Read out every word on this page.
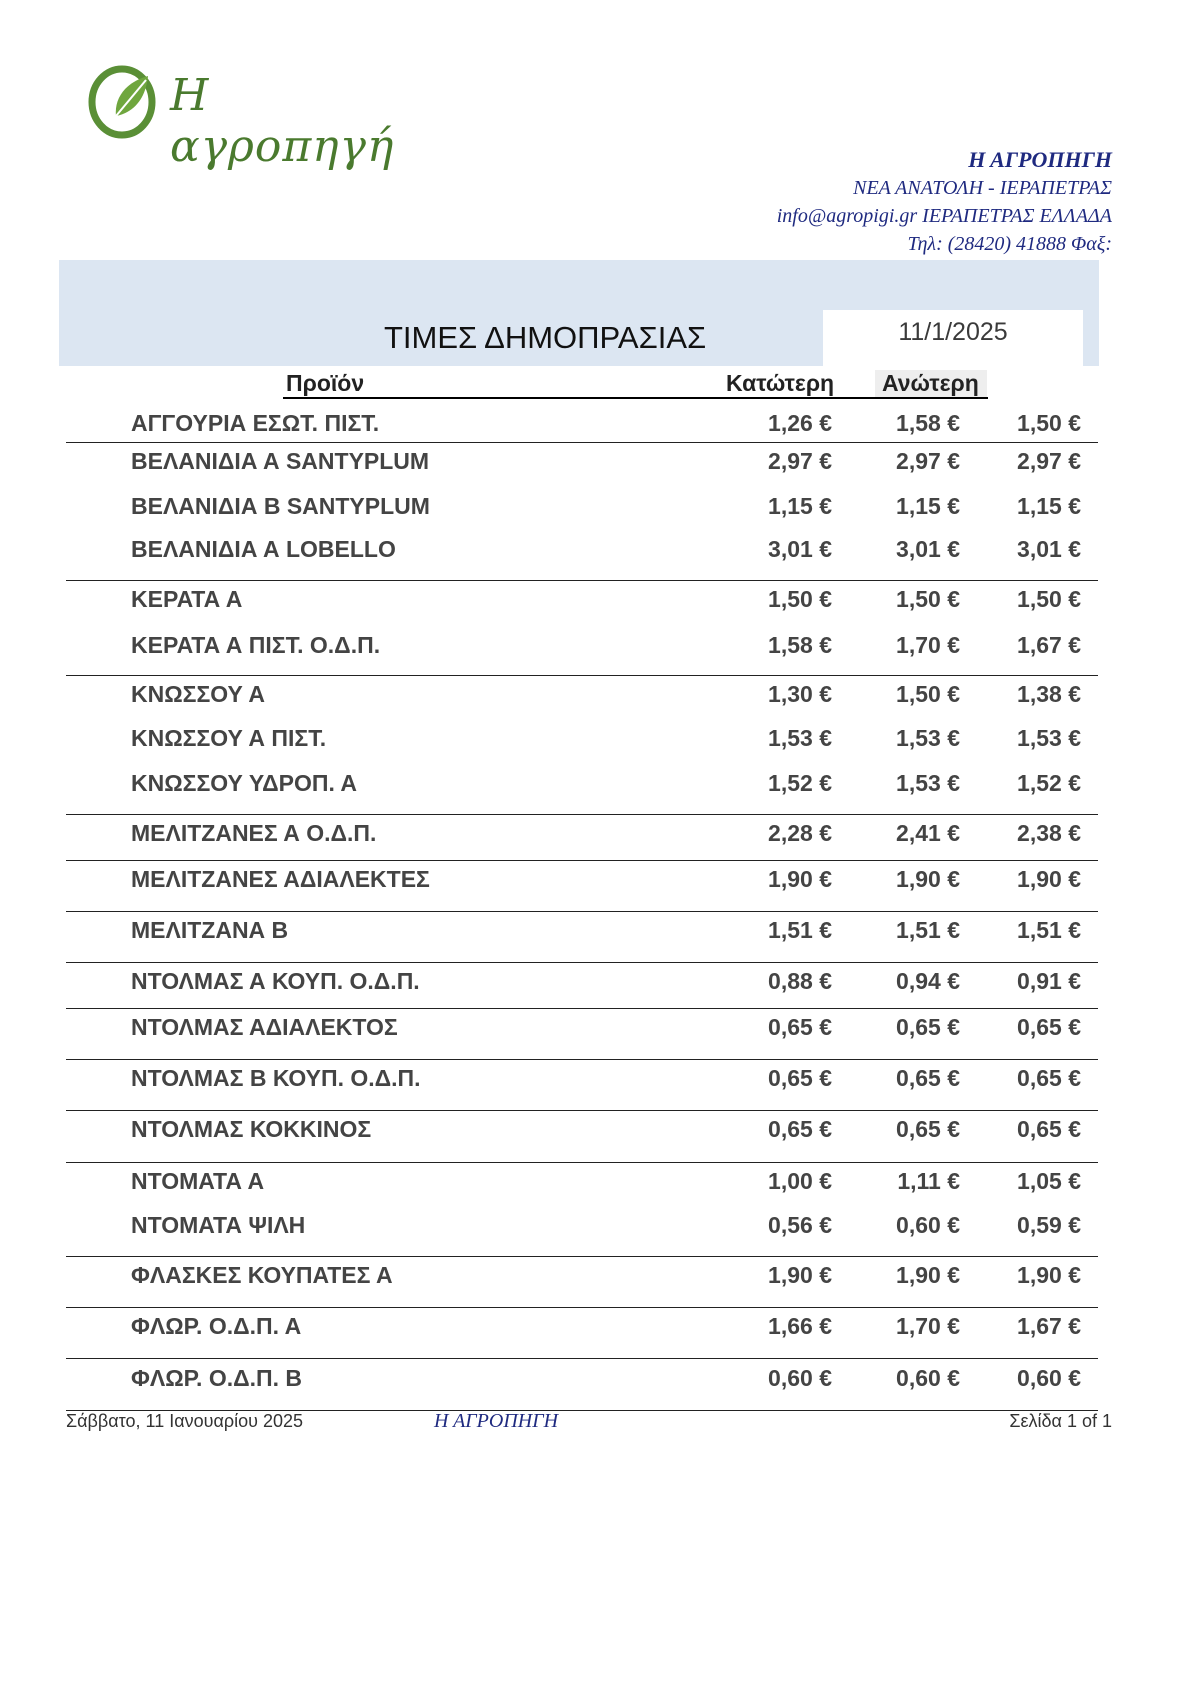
Η αγροπηγή	Η ΑΓΡΟΠΗΓΗ
ΝΕΑ ΑΝΑΤΟΛΗ - ΙΕΡΑΠΕΤΡΑΣ
info@agropigi.gr ΙΕΡΑΠΕΤΡΑΣ ΕΛΛΑΔΑ
Τηλ: (28420) 41888 Φαξ:
11/1/2025
ΤΙΜΕΣ ΔΗΜΟΠΡΑΣΙΑΣ
Προϊόν	Κατώτερη Ανώτερη
ΑΓΓΟΥΡΙΑ ΕΣΩΤ. ΠΙΣΤ.	1,26 €	1,58 €	1,50 €
ΒΕΛΑΝΙΔΙΑ Α SANTYPLUM	2,97 €	2,97 €	2,97 €
ΒΕΛΑΝΙΔΙΑ Β SANTYPLUM	1,15 €	1,15 €	1,15 €
ΒΕΛΑΝΙΔΙΑ Α LOBELLO	3,01 €	3,01 €	3,01 €
ΚΕΡΑΤΑ Α	1,50 €	1,50 €	1,50 €
ΚΕΡΑΤΑ Α ΠΙΣΤ. Ο.Δ.Π.	1,58 €	1,70 €	1,67 €
ΚΝΩΣΣΟΥ Α	1,30 €	1,50 €	1,38 €
ΚΝΩΣΣΟΥ Α ΠΙΣΤ.	1,53 €	1,53 €	1,53 €
ΚΝΩΣΣΟΥ ΥΔΡΟΠ. Α	1,52 €	1,53 €	1,52 €
ΜΕΛΙΤΖΑΝΕΣ Α Ο.Δ.Π.	2,28 €	2,41 €	2,38 €
ΜΕΛΙΤΖΑΝΕΣ ΑΔΙΑΛΕΚΤΕΣ	1,90 €	1,90 €	1,90 €
ΜΕΛΙΤΖΑΝΑ Β	1,51 €	1,51 €	1,51 €
ΝΤΟΛΜΑΣ Α ΚΟΥΠ. Ο.Δ.Π.	0,88 €	0,94 €	0,91 €
ΝΤΟΛΜΑΣ ΑΔΙΑΛΕΚΤΟΣ	0,65 €	0,65 €	0,65 €
ΝΤΟΛΜΑΣ Β ΚΟΥΠ. Ο.Δ.Π.	0,65 €	0,65 €	0,65 €
ΝΤΟΛΜΑΣ ΚΟΚΚΙΝΟΣ	0,65 €	0,65 €	0,65 €
ΝΤΟΜΑΤΑ Α	1,00 €	1,11 €	1,05 €
ΝΤΟΜΑΤΑ ΨΙΛΗ	0,56 €	0,60 €	0,59 €
ΦΛΑΣΚΕΣ ΚΟΥΠΑΤΕΣ Α	1,90 €	1,90 €	1,90 €
ΦΛΩΡ. Ο.Δ.Π. Α	1,66 €	1,70 €	1,67 €
ΦΛΩΡ. Ο.Δ.Π. Β	0,60 €	0,60 €	0,60 €
Σάββατο, 11 Ιανουαρίου 2025	Η ΑΓΡΟΠΗΓΗ	Σελίδα 1 of 1
